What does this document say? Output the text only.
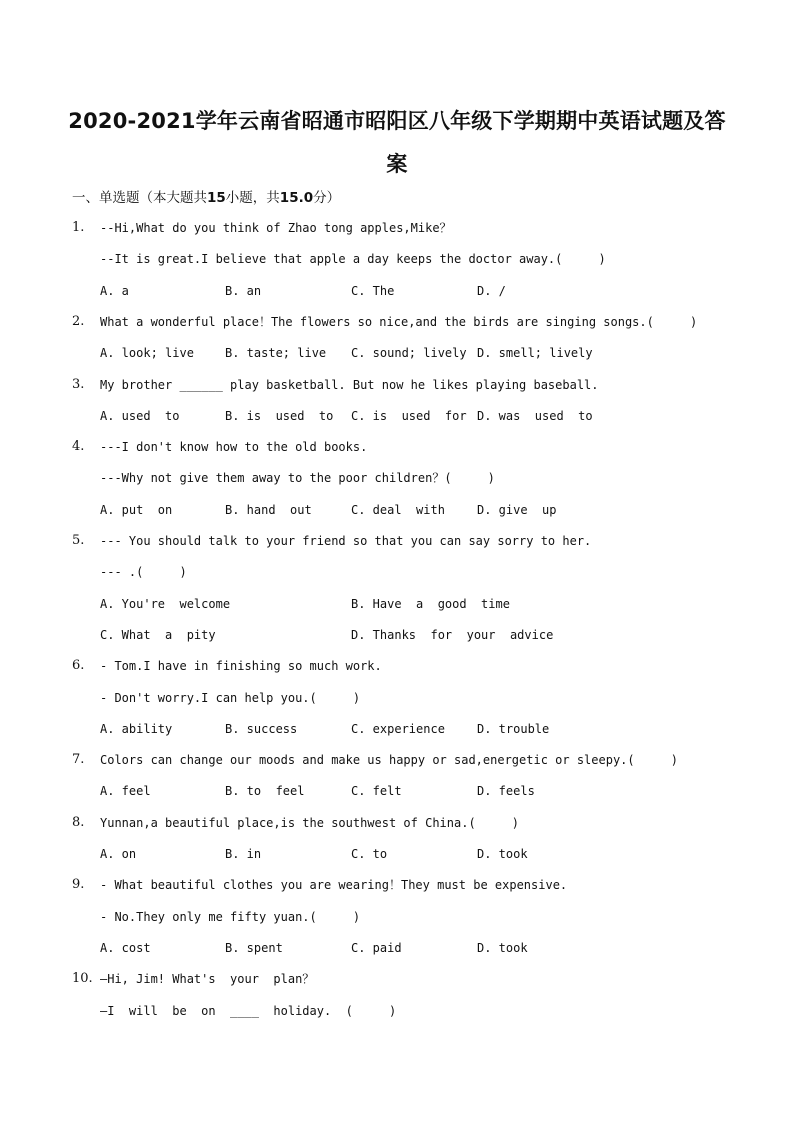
2020-2021学年云南省昭通市昭阳区八年级下学期期中英语试题及答
案
一、单选题（本大题共15小题，共15.0分）
1. --Hi,What do you think of Zhao tong apples,Mike？
--It is great.I believe that apple a day keeps the doctor away.(     )
A. a	B. an	C. The	D. /
2. What a wonderful place！The flowers so nice,and the birds are singing songs.(     )
A. look; live	B. taste; live C. sound; lively D. smell; lively
3. My brother ______ play basketball. But now he likes playing baseball.
A. used  to	B. is  used  to C. is  used  for D. was  used  to
4. ---I don't know how to the old books.
---Why not give them away to the poor children？(     )
A. put  on	B. hand  out	C. deal  with	D. give  up
5. --- You should talk to your friend so that you can say sorry to her.
--- .(     )
A. You're  welcome	B. Have  a  good  time
C. What  a  pity	D. Thanks  for  your  advice
6. - Tom.I have in finishing so much work.
- Don't worry.I can help you.(     )
A. ability	B. success	C. experience	D. trouble
7. Colors can change our moods and make us happy or sad,energetic or sleepy.(     )
A. feel	B. to  feel	C. felt	D. feels
8. Yunnan,a beautiful place,is the southwest of China.(     )
A. on	B. in	C. to	D. took
9. - What beautiful clothes you are wearing！They must be expensive.
- No.They only me fifty yuan.(     )
A. cost	B. spent	C. paid	D. took
10. —Hi, Jim! What's  your  plan？
—I  will  be  on  ____  holiday.  (     )
